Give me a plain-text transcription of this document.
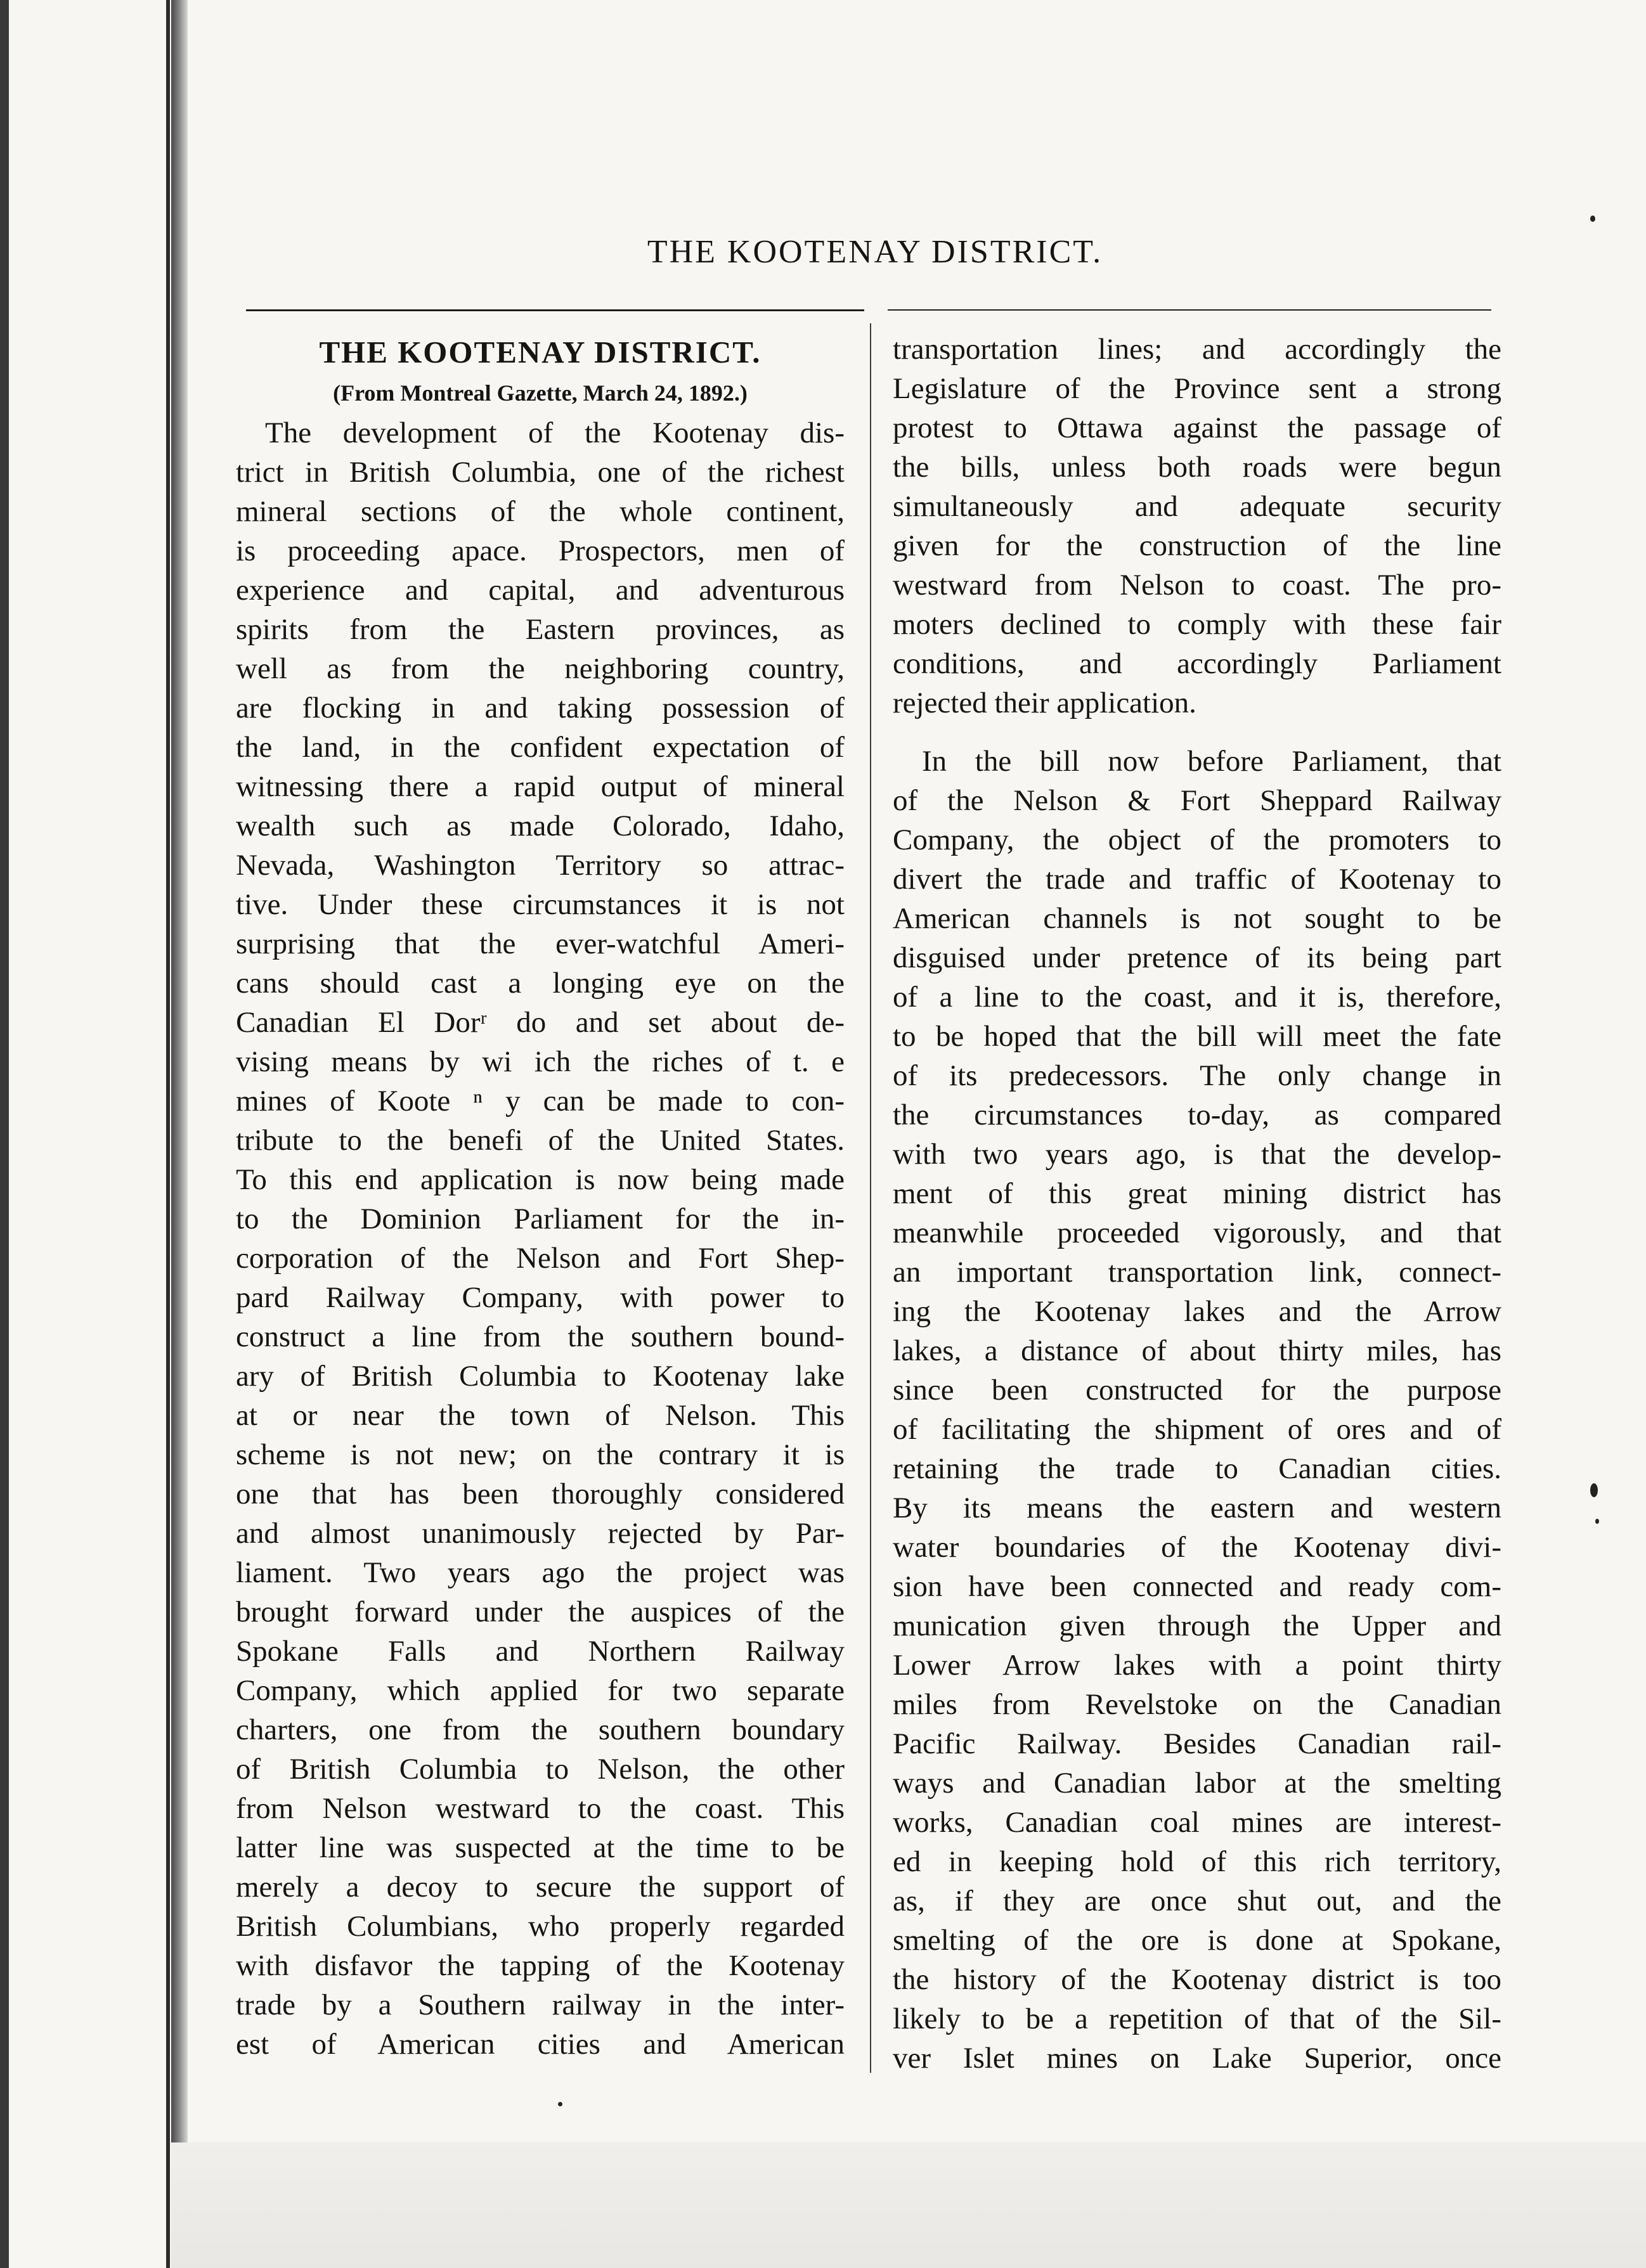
THE KOOTENAY DISTRICT.
THE KOOTENAY DISTRICT.

(From Montreal Gazette, March 24, 1892.)

The development of the Kootenay dis-
trict in British Columbia, one of the richest
mineral sections of the whole continent,
is proceeding apace. Prospectors, men of
experience and capital, and adventurous
spirits from the Eastern provinces, as
well as from the neighboring country,
are flocking in and taking possession of
the land, in the confident expectation of
witnessing there a rapid output of mineral
wealth such as made Colorado, Idaho,
Nevada, Washington Territory so attrac-
tive. Under these circumstances it is not
surprising that the ever-watchful Ameri-
cans should cast a longing eye on the
Canadian El Dorʳ do and set about de-
vising means by wi ich the riches of t. e
mines of Koote ⁿ y can be made to con-
tribute to the benefi of the United States.
To this end application is now being made
to the Dominion Parliament for the in-
corporation of the Nelson and Fort Shep-
pard Railway Company, with power to
construct a line from the southern bound-
ary of British Columbia to Kootenay lake
at or near the town of Nelson. This
scheme is not new; on the contrary it is
one that has been thoroughly considered
and almost unanimously rejected by Par-
liament. Two years ago the project was
brought forward under the auspices of the
Spokane Falls and Northern Railway
Company, which applied for two separate
charters, one from the southern boundary
of British Columbia to Nelson, the other
from Nelson westward to the coast. This
latter line was suspected at the time to be
merely a decoy to secure the support of
British Columbians, who properly regarded
with disfavor the tapping of the Kootenay
trade by a Southern railway in the inter-
est of American cities and American
transportation lines; and accordingly the
Legislature of the Province sent a strong
protest to Ottawa against the passage of
the bills, unless both roads were begun
simultaneously and adequate security
given for the construction of the line
westward from Nelson to coast. The pro-
moters declined to comply with these fair
conditions, and accordingly Parliament
rejected their application.
In the bill now before Parliament, that
of the Nelson & Fort Sheppard Railway
Company, the object of the promoters to
divert the trade and traffic of Kootenay to
American channels is not sought to be
disguised under pretence of its being part
of a line to the coast, and it is, therefore,
to be hoped that the bill will meet the fate
of its predecessors. The only change in
the circumstances to-day, as compared
with two years ago, is that the develop-
ment of this great mining district has
meanwhile proceeded vigorously, and that
an important transportation link, connect-
ing the Kootenay lakes and the Arrow
lakes, a distance of about thirty miles, has
since been constructed for the purpose
of facilitating the shipment of ores and of
retaining the trade to Canadian cities.
By its means the eastern and western
water boundaries of the Kootenay divi-
sion have been connected and ready com-
munication given through the Upper and
Lower Arrow lakes with a point thirty
miles from Revelstoke on the Canadian
Pacific Railway. Besides Canadian rail-
ways and Canadian labor at the smelting
works, Canadian coal mines are interest-
ed in keeping hold of this rich territory,
as, if they are once shut out, and the
smelting of the ore is done at Spokane,
the history of the Kootenay district is too
likely to be a repetition of that of the Sil-
ver Islet mines on Lake Superior, once
